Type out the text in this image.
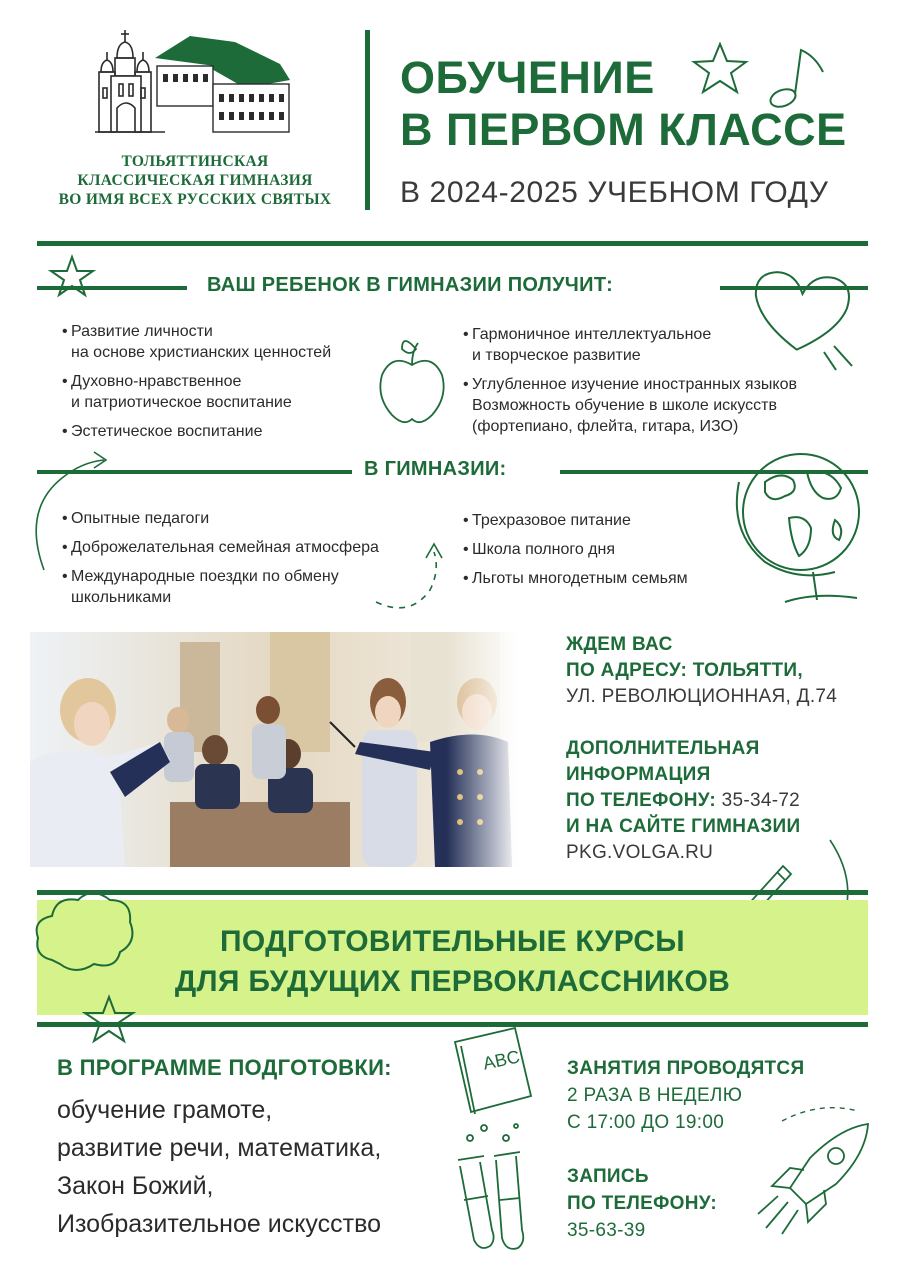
ТОЛЬЯТТИНСКАЯ
КЛАССИЧЕСКАЯ ГИМНАЗИЯ
ВО ИМЯ ВСЕХ РУССКИХ СВЯТЫХ
ОБУЧЕНИЕ
В ПЕРВОМ КЛАССЕ
В 2024-2025 УЧЕБНОМ ГОДУ
ВАШ РЕБЕНОК В ГИМНАЗИИ ПОЛУЧИТ:
• Развитие личности
на основе христианских ценностей
• Духовно-нравственное
и патриотическое воспитание
• Эстетическое воспитание
• Гармоничное интеллектуальное
и творческое развитие
• Углубленное изучение иностранных языков
Возможность обучение в школе искусств
(фортепиано, флейта, гитара, ИЗО)
В ГИМНАЗИИ:
• Опытные педагоги
• Доброжелательная семейная атмосфера
• Международные поездки по обмену
школьниками
• Трехразовое питание
• Школа полного дня
• Льготы многодетным семьям
ЖДЕМ ВАС
ПО АДРЕСУ: ТОЛЬЯТТИ,
УЛ. РЕВОЛЮЦИОННАЯ, Д.74
ДОПОЛНИТЕЛЬНАЯ
ИНФОРМАЦИЯ
ПО ТЕЛЕФОНУ: 35-34-72
И НА САЙТЕ ГИМНАЗИИ
PKG.VOLGA.RU
ПОДГОТОВИТЕЛЬНЫЕ КУРСЫ
ДЛЯ БУДУЩИХ ПЕРВОКЛАССНИКОВ
В ПРОГРАММЕ ПОДГОТОВКИ:
обучение грамоте,
развитие речи, математика,
Закон Божий,
Изобразительное искусство
ABC ЗАНЯТИЯ ПРОВОДЯТСЯ
2 РАЗА В НЕДЕЛЮ
С 17:00 ДО 19:00
ЗАПИСЬ
ПО ТЕЛЕФОНУ:
35-63-39
